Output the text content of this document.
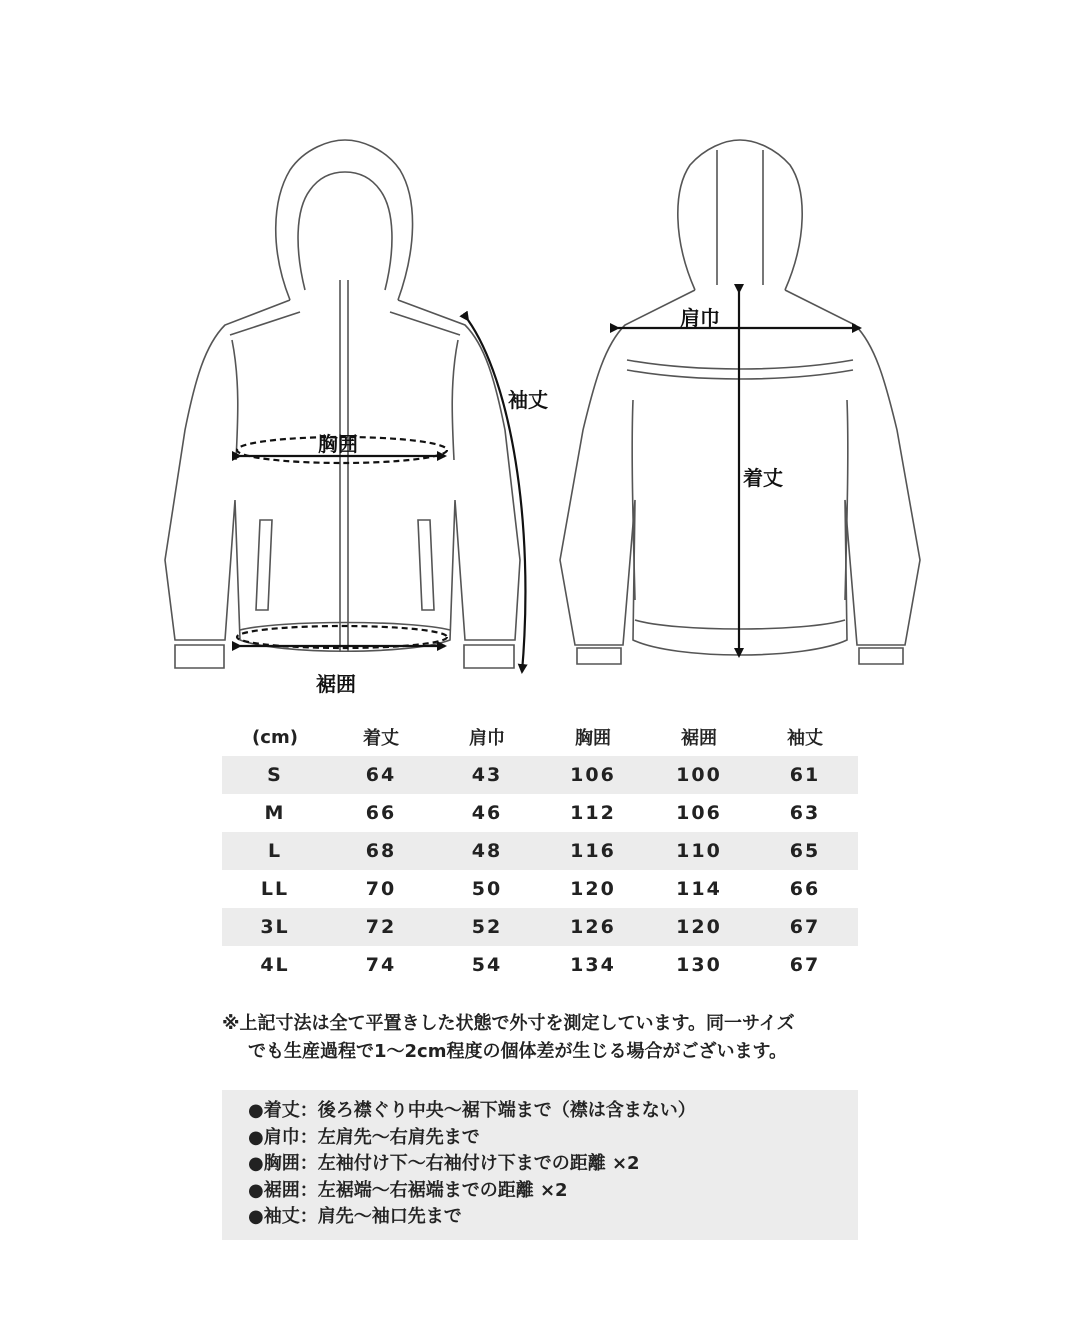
袖丈
胸囲
裾囲
肩巾
着丈
(cm)	着丈	肩巾	胸囲	裾囲	袖丈
S	64	43	106	100	61
M	66	46	112	106	63
L	68	48	116	110	65
LL	70	50	120	114	66
3L	72	52	126	120	67
4L	74	54	134	130	67
※上記寸法は全て平置きした状態で外寸を測定しています。同一サイズ
でも生産過程で1～2cm程度の個体差が生じる場合がございます。
●着丈：後ろ襟ぐり中央～裾下端まで（襟は含まない）
●肩巾：左肩先～右肩先まで
●胸囲：左袖付け下～右袖付け下までの距離 ×2
●裾囲：左裾端～右裾端までの距離 ×2
●袖丈：肩先～袖口先まで
